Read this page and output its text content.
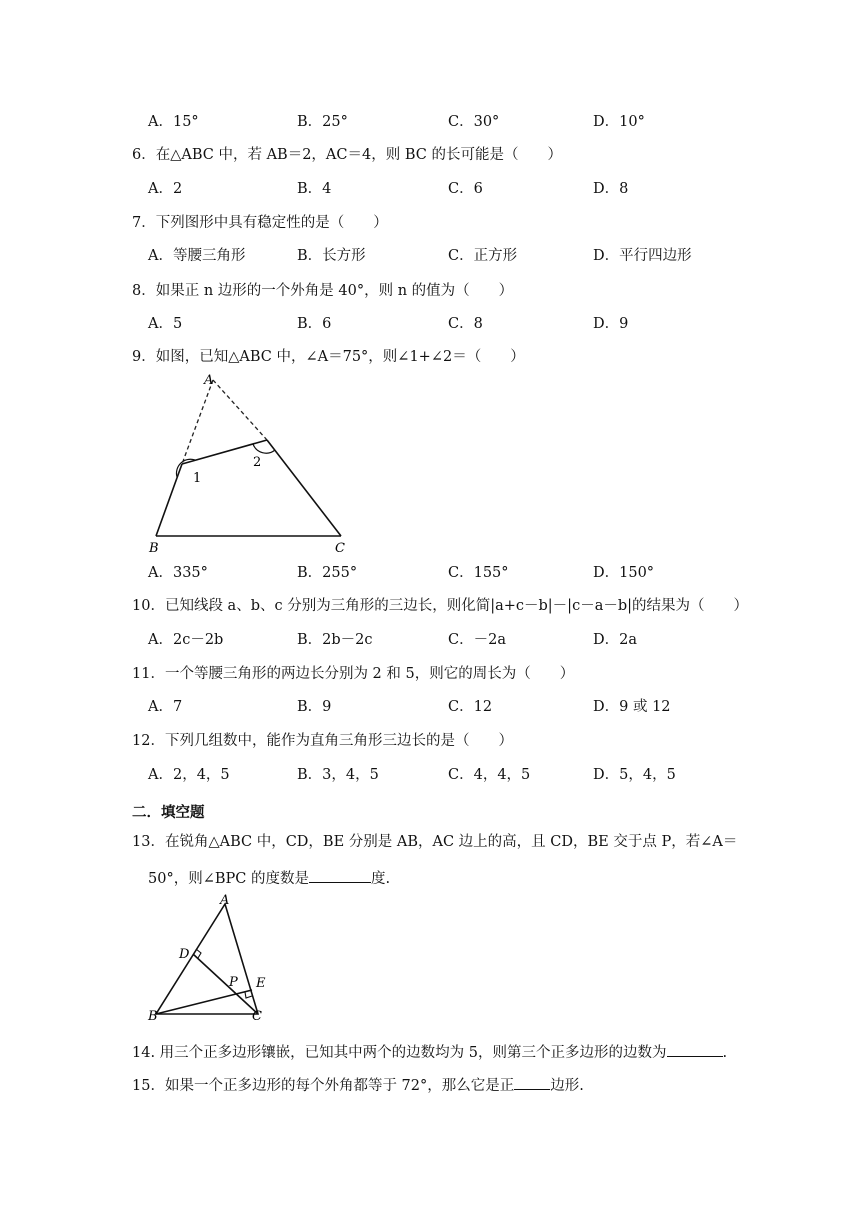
A．15°	B．25°	C．30°	D．10°
6．在△ABC 中，若 AB＝2，AC＝4，则 BC 的长可能是（　　）
A．2	B．4	C．6	D．8
7．下列图形中具有稳定性的是（　　）
A．等腰三角形	B．长方形	C．正方形	D．平行四边形
8．如果正 n 边形的一个外角是 40°，则 n 的值为（　　）
A．5	B．6	C．8	D．9
9．如图，已知△ABC 中，∠A＝75°，则∠1+∠2＝（　　）
A
1
2
B	C
A．335°	B．255°	C．155°	D．150°
10．已知线段 a、b、c 分别为三角形的三边长，则化简|a+c－b|－|c－a－b|的结果为（　　）
A．2c－2b	B．2b－2c	C．－2a	D．2a
11．一个等腰三角形的两边长分别为 2 和 5，则它的周长为（　　）
A．7	B．9	C．12	D．9 或 12
12．下列几组数中，能作为直角三角形三边长的是（　　）
A．2，4，5	B．3，4，5	C．4，4，5	D．5，4，5
二．填空题
13．在锐角△ABC 中，CD，BE 分别是 AB，AC 边上的高，且 CD，BE 交于点 P，若∠A＝
50°，则∠BPC 的度数是	度.
A
D
P E
B	C
14. 用三个正多边形镶嵌，已知其中两个的边数均为 5，则第三个正多边形的边数为	.
15．如果一个正多边形的每个外角都等于 72°，那么它是正 边形.
